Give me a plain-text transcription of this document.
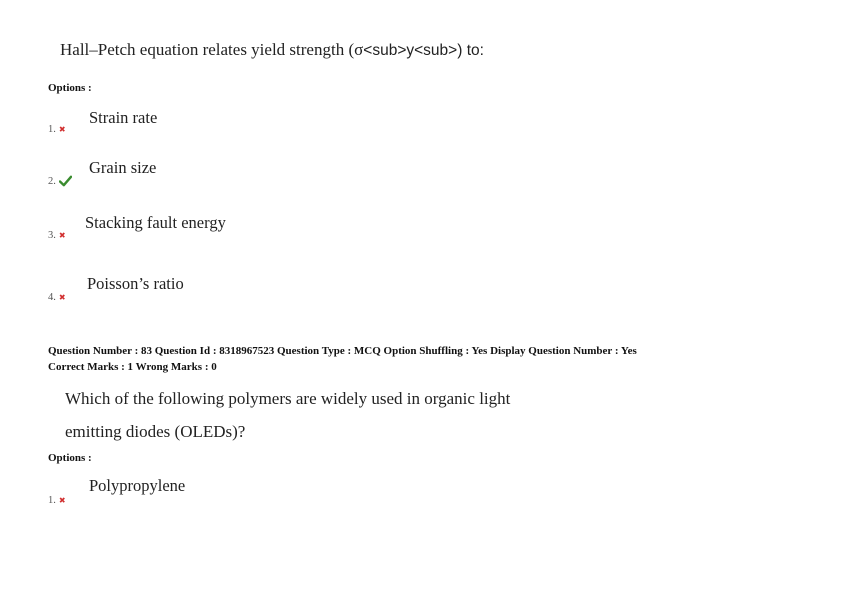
Hall–Petch equation relates yield strength (σ<sub>y<sub>) to:
Options :
Strain rate
1. ✖
Grain size
2.
Stacking fault energy
3. ✖
Poisson’s ratio
4. ✖
Question Number : 83 Question Id : 8318967523 Question Type : MCQ Option Shuffling : Yes Display Question Number : Yes
Correct Marks : 1 Wrong Marks : 0
Which of the following polymers are widely used in organic light
emitting diodes (OLEDs)?
Options :
Polypropylene
1. ✖
